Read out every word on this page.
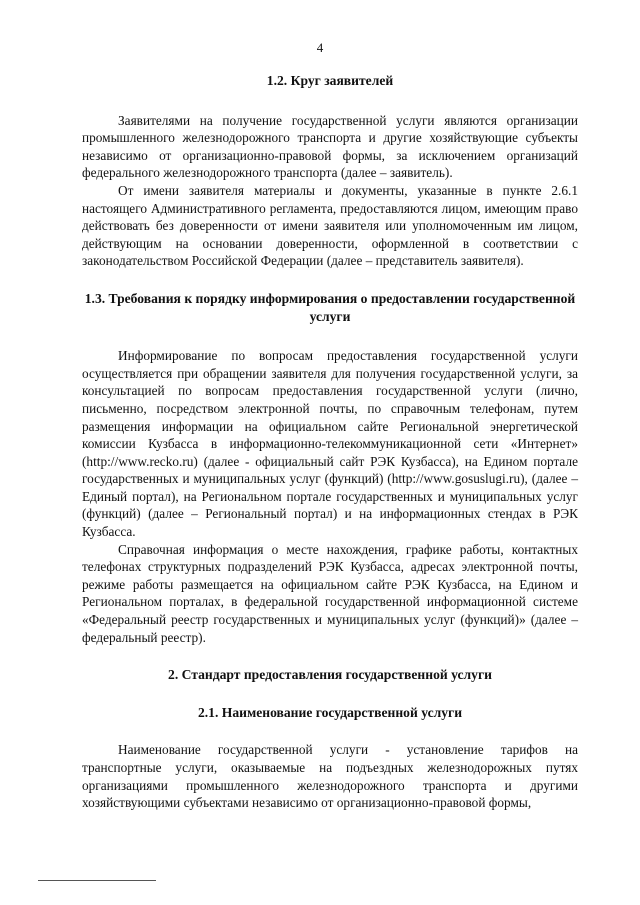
4
1.2. Круг заявителей

Заявителями на получение государственной услуги являются организации промышленного железнодорожного транспорта и другие хозяйствующие субъекты независимо от организационно-правовой формы, за исключением организаций федерального железнодорожного транспорта (далее – заявитель).

От имени заявителя материалы и документы, указанные в пункте 2.6.1 настоящего Административного регламента, предоставляются лицом, имеющим право действовать без доверенности от имени заявителя или уполномоченным им лицом, действующим на основании доверенности, оформленной в соответствии с законодательством Российской Федерации (далее – представитель заявителя).

1.3. Требования к порядку информирования о предоставлении государственной услуги

Информирование по вопросам предоставления государственной услуги осуществляется при обращении заявителя для получения государственной услуги, за консультацией по вопросам предоставления государственной услуги (лично, письменно, посредством электронной почты, по справочным телефонам, путем размещения информации на официальном сайте Региональной энергетической комиссии Кузбасса в информационно-телекоммуникационной сети «Интернет» (http://www.recko.ru) (далее - официальный сайт РЭК Кузбасса), на Едином портале государственных и муниципальных услуг (функций) (http://www.gosuslugi.ru), (далее – Единый портал), на Региональном портале государственных и муниципальных услуг (функций) (далее – Региональный портал) и на информационных стендах в РЭК Кузбасса.

Справочная информация о месте нахождения, графике работы, контактных телефонах структурных подразделений РЭК Кузбасса, адресах электронной почты, режиме работы размещается на официальном сайте РЭК Кузбасса, на Едином и Региональном порталах, в федеральной государственной информационной системе «Федеральный реестр государственных и муниципальных услуг (функций)» (далее – федеральный реестр).

2. Стандарт предоставления государственной услуги
2.1. Наименование государственной услуги

Наименование государственной услуги - установление тарифов на транспортные услуги, оказываемые на подъездных железнодорожных путях организациями промышленного железнодорожного транспорта и другими хозяйствующими субъектами независимо от организационно-правовой формы,
